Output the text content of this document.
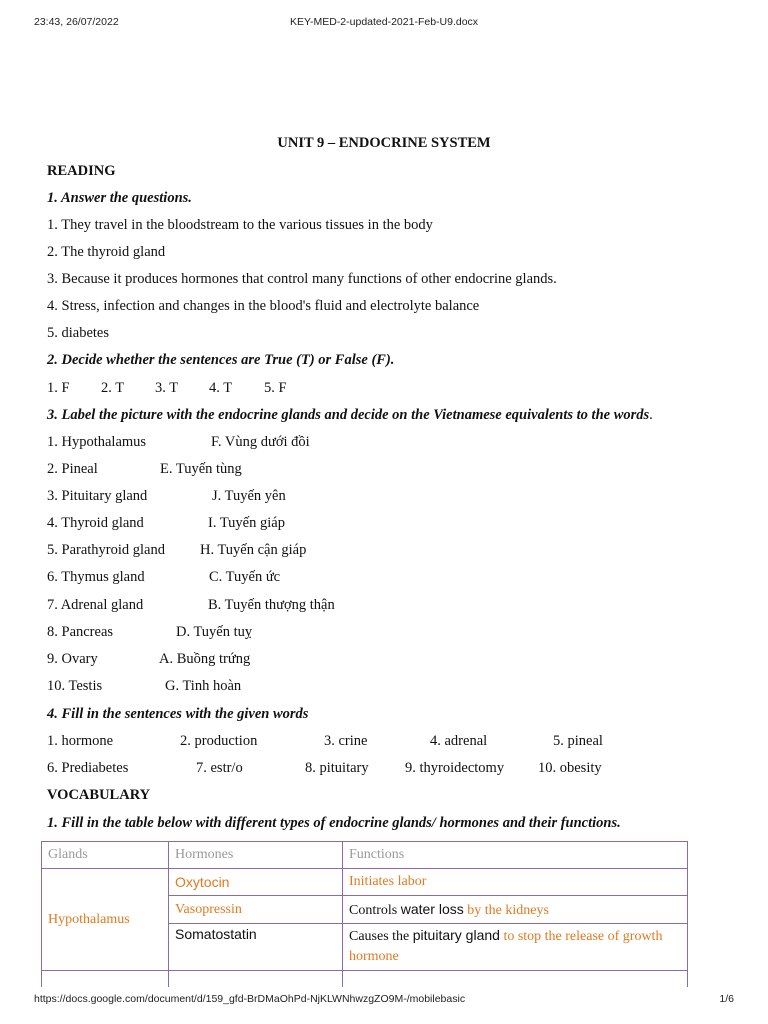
23:43, 26/07/2022	KEY-MED-2-updated-2021-Feb-U9.docx
UNIT 9 – ENDOCRINE SYSTEM
READING
1. Answer the questions.
1. They travel in the bloodstream to the various tissues in the body
2. The thyroid gland
3. Because it produces hormones that control many functions of other endocrine glands.
4. Stress, infection and changes in the blood's fluid and electrolyte balance
5. diabetes
2. Decide whether the sentences are True (T) or False (F).
1. F 2. T 3. T 4. T 5. F
3. Label the picture with the endocrine glands and decide on the Vietnamese equivalents to the words.
1. Hypothalamus	F. Vùng dưới đồi
2. Pineal	E. Tuyến tùng
3. Pituitary gland	J. Tuyến yên
4. Thyroid gland	I. Tuyến giáp
5. Parathyroid gland H. Tuyến cận giáp
6. Thymus gland	C. Tuyến ức
7. Adrenal gland	B. Tuyến thượng thận
8. Pancreas	D. Tuyến tuỵ
9. Ovary	A. Buồng trứng
10. Testis	G. Tinh hoàn
4. Fill in the sentences with the given words
1. hormone	2. production	3. crine	4. adrenal	5. pineal
6. Prediabetes	7. estr/o	8. pituitary	9. thyroidectomy 10. obesity
VOCABULARY
1. Fill in the table below with different types of endocrine glands/ hormones and their functions.
Glands	Hormones	Functions
Hypothalamus	Oxytocin	Initiates labor
	Vasopressin	Controls water loss by the kidneys
	Somatostatin	Causes the pituitary gland to stop the release of growth hormone

https://docs.google.com/document/d/159_gfd-BrDMaOhPd-NjKLWNhwzgZO9M-/mobilebasic	1/6
